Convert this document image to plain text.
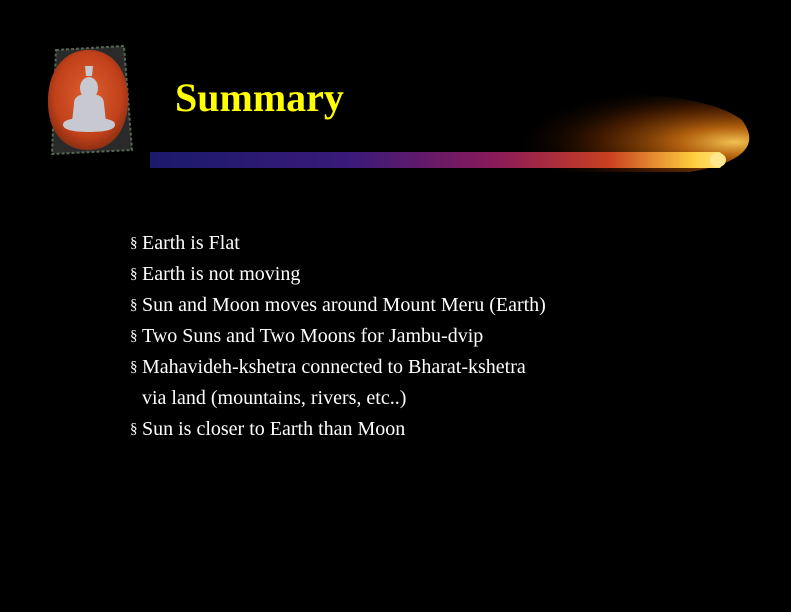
Summary
§ Earth is Flat
§ Earth is not moving
§ Sun and Moon moves around Mount Meru (Earth)
§ Two Suns and Two Moons for Jambu-dvip
§ Mahavideh-kshetra connected to Bharat-kshetra via land (mountains, rivers, etc..)
§ Sun is closer to Earth than Moon
